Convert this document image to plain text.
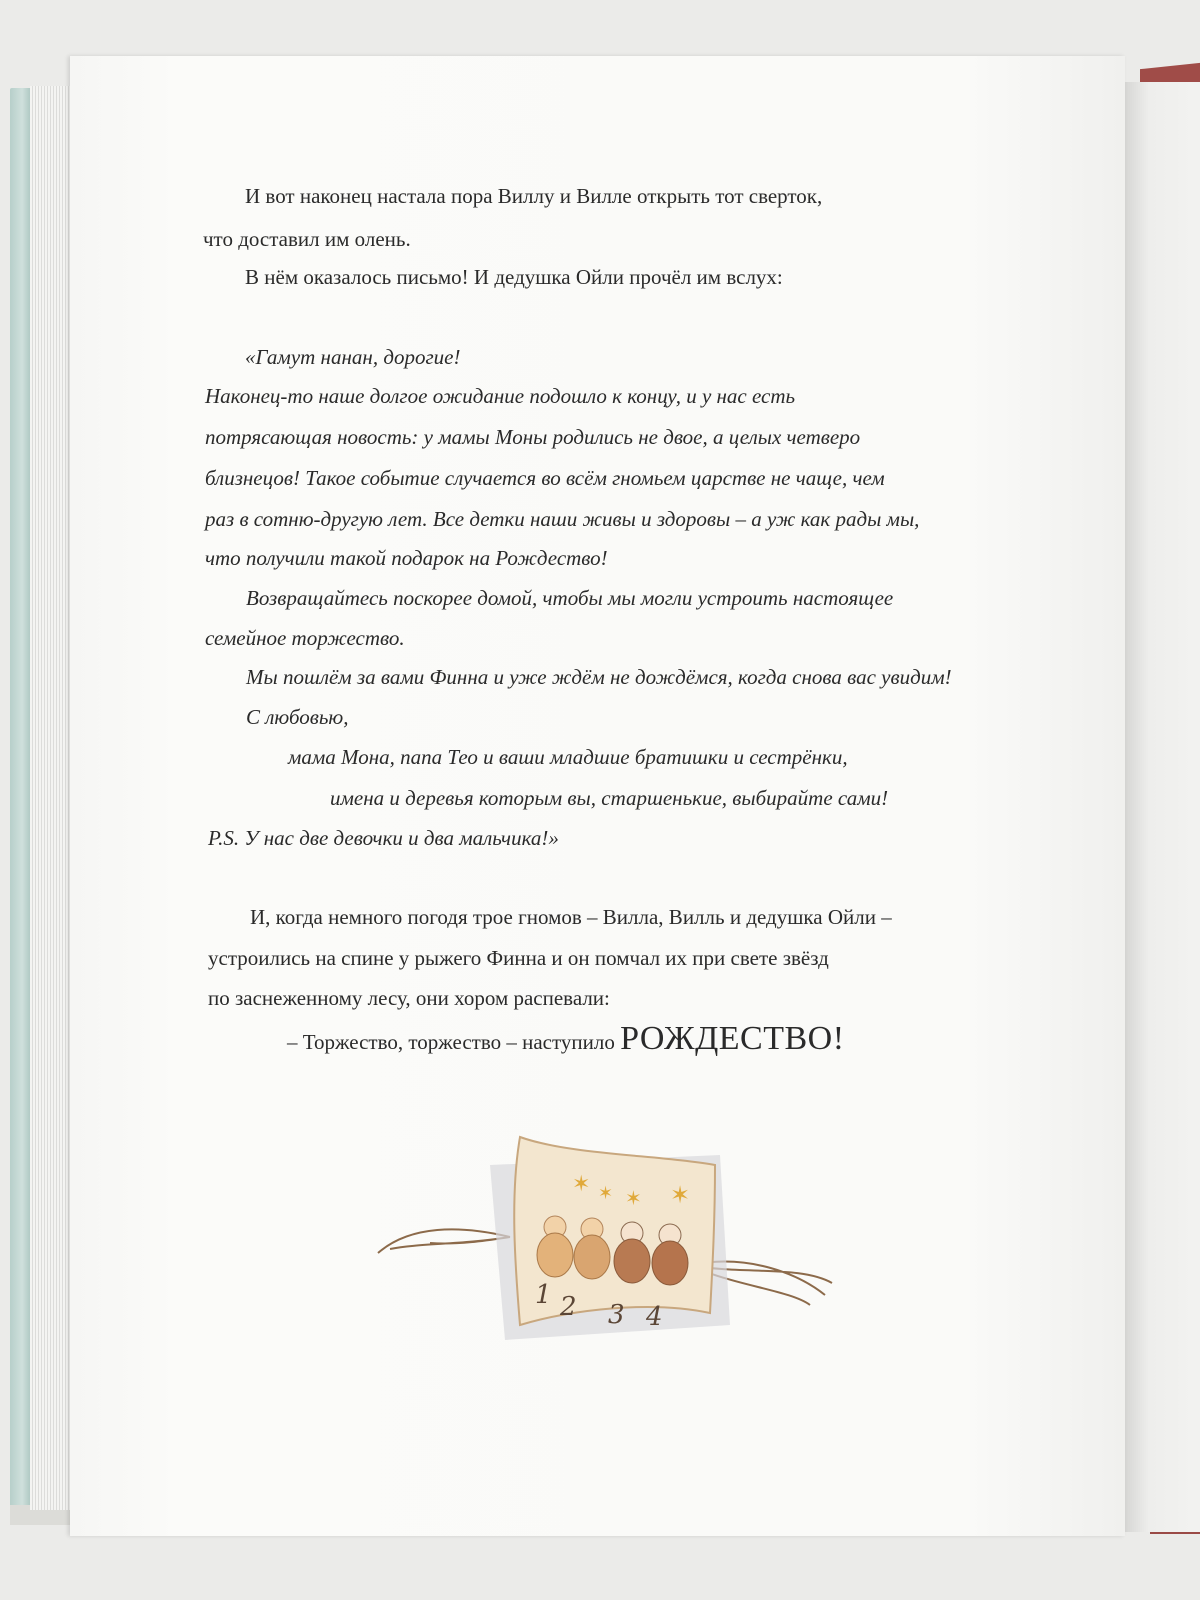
И вот наконец настала пора Виллу и Вилле открыть тот сверток,
что доставил им олень.
В нём оказалось письмо! И дедушка Ойли прочёл им вслух:
«Гамут нанан, дорогие!
Наконец-то наше долгое ожидание подошло к концу, и у нас есть
потрясающая новость: у мамы Моны родились не двое, а целых четверо
близнецов! Такое событие случается во всём гномьем царстве не чаще, чем
раз в сотню-другую лет. Все детки наши живы и здоровы – а уж как рады мы,
что получили такой подарок на Рождество!
Возвращайтесь поскорее домой, чтобы мы могли устроить настоящее
семейное торжество.
Мы пошлём за вами Финна и уже ждём не дождёмся, когда снова вас увидим!
С любовью,
мама Мона, папа Тео и ваши младшие братишки и сестрёнки,
имена и деревья которым вы, старшенькие, выбирайте сами!
P.S. У нас две девочки и два мальчика!»
И, когда немного погодя трое гномов – Вилла, Вилль и дедушка Ойли –
устроились на спине у рыжего Финна и он помчал их при свете звёзд
по заснеженному лесу, они хором распевали:
– Торжество, торжество – наступило РОЖДЕСТВО!
✶ ✶ ✶ ✶
1 2 3 4
